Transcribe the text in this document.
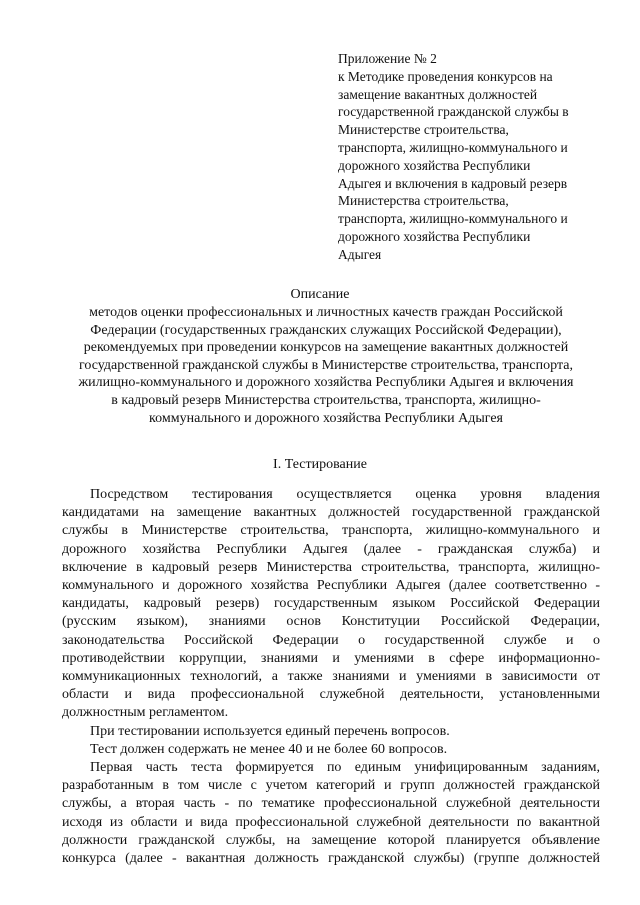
Приложение № 2
к Методике проведения конкурсов на
замещение вакантных должностей
государственной гражданской службы в
Министерстве строительства,
транспорта, жилищно-коммунального и
дорожного хозяйства Республики
Адыгея и включения в кадровый резерв
Министерства строительства,
транспорта, жилищно-коммунального и
дорожного хозяйства Республики
Адыгея
Описание
методов оценки профессиональных и личностных качеств граждан Российской
Федерации (государственных гражданских служащих Российской Федерации),
рекомендуемых при проведении конкурсов на замещение вакантных должностей
государственной гражданской службы в Министерстве строительства, транспорта,
жилищно-коммунального и дорожного хозяйства Республики Адыгея и включения
в кадровый резерв Министерства строительства, транспорта, жилищно-
коммунального и дорожного хозяйства Республики Адыгея
I. Тестирование
Посредством тестирования осуществляется оценка уровня владения
кандидатами на замещение вакантных должностей государственной гражданской
службы в Министерстве строительства, транспорта, жилищно-коммунального и
дорожного хозяйства Республики Адыгея (далее - гражданская служба) и
включение в кадровый резерв Министерства строительства, транспорта, жилищно-
коммунального и дорожного хозяйства Республики Адыгея (далее соответственно -
кандидаты, кадровый резерв) государственным языком Российской Федерации
(русским языком), знаниями основ Конституции Российской Федерации,
законодательства Российской Федерации о государственной службе и о
противодействии коррупции, знаниями и умениями в сфере информационно-
коммуникационных технологий, а также знаниями и умениями в зависимости от
области и вида профессиональной служебной деятельности, установленными
должностным регламентом.
При тестировании используется единый перечень вопросов.
Тест должен содержать не менее 40 и не более 60 вопросов.
Первая часть теста формируется по единым унифицированным заданиям,
разработанным в том числе с учетом категорий и групп должностей гражданской
службы, а вторая часть - по тематике профессиональной служебной деятельности
исходя из области и вида профессиональной служебной деятельности по вакантной
должности гражданской службы, на замещение которой планируется объявление
конкурса (далее - вакантная должность гражданской службы) (группе должностей
